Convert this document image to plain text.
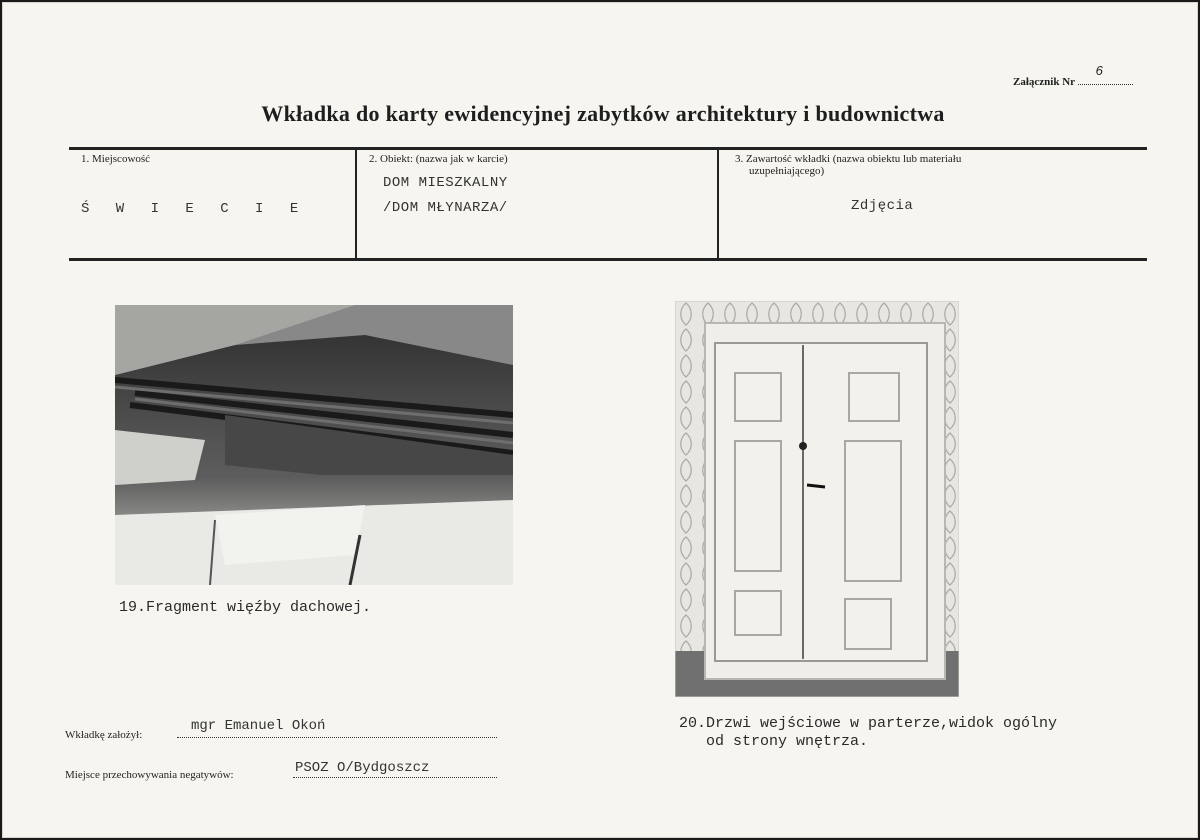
Załącznik Nr
6
Wkładka do karty ewidencyjnej zabytków architektury i budownictwa
1. Miejscowość
Ś W I E C I E
2. Obiekt: (nazwa jak w karcie)
DOM MIESZKALNY
/DOM MŁYNARZA/
3. Zawartość wkładki (nazwa obiektu lub materiału
uzupełniającego)
Zdjęcia
19.Fragment więźby dachowej.
20.Drzwi wejściowe w parterze,widok ogólny
od strony wnętrza.
Wkładkę założył:
mgr Emanuel Okoń
Miejsce przechowywania negatywów:	PSOZ O/Bydgoszcz
